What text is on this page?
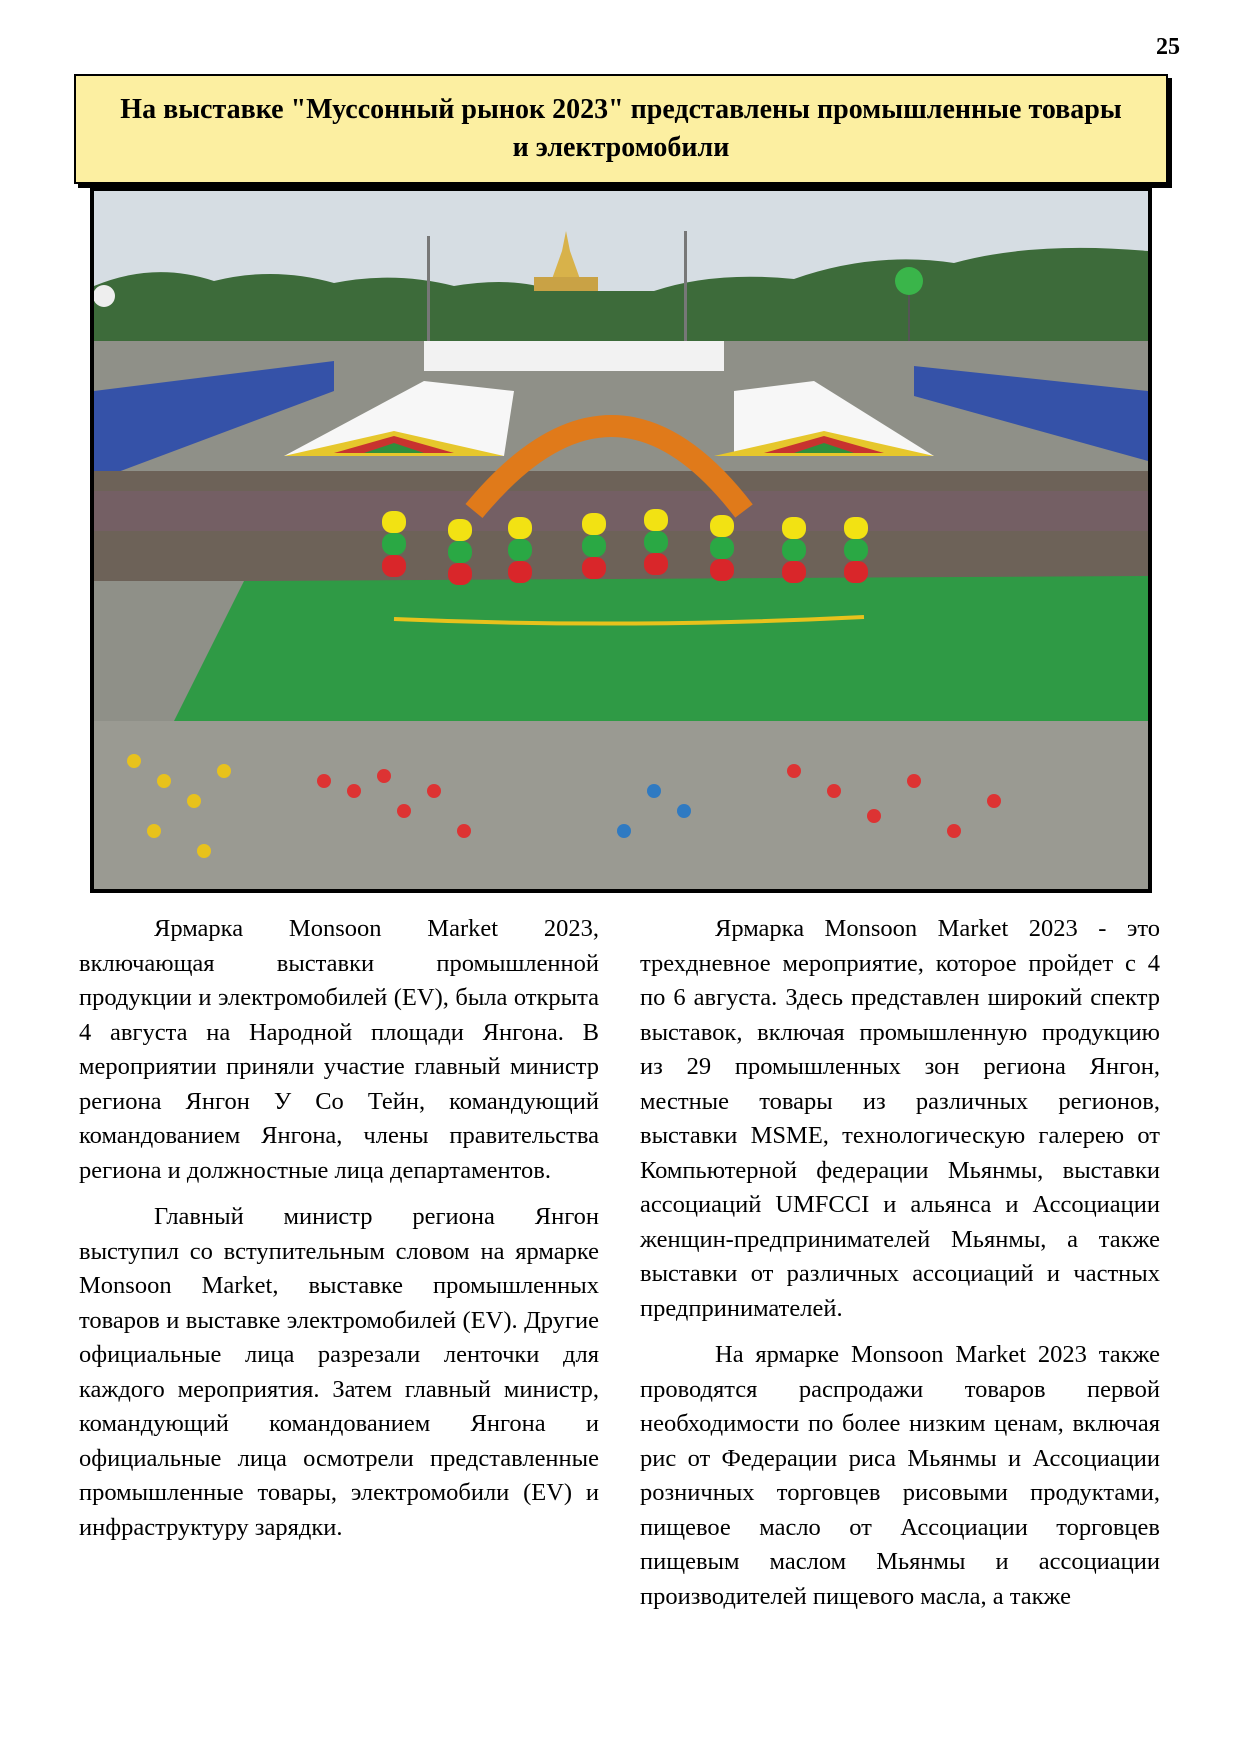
25
На выставке "Муссонный рынок 2023" представлены промышленные товары и электромобили

Ярмарка Monsoon Market 2023, включающая выставки промышленной продукции и электромобилей (EV), была открыта 4 августа на Народной площади Янгона. В мероприятии приняли участие главный министр региона Янгон У Со Тейн, командующий командованием Янгона, члены правительства региона и должностные лица департаментов.

Главный министр региона Янгон выступил со вступительным словом на ярмарке Monsoon Market, выставке промышленных товаров и выставке электромобилей (EV). Другие официальные лица разрезали ленточки для каждого мероприятия. Затем главный министр, командующий командованием Янгона и официальные лица осмотрели представленные промышленные товары, электромобили (EV) и инфраструктуру зарядки.

Ярмарка Monsoon Market 2023 - это трехдневное мероприятие, которое пройдет с 4 по 6 августа. Здесь представлен широкий спектр выставок, включая промышленную продукцию из 29 промышленных зон региона Янгон, местные товары из различных регионов, выставки MSME, технологическую галерею от Компьютерной федерации Мьянмы, выставки ассоциаций UMFCCI и альянса и Ассоциации женщин-предпринимателей Мьянмы, а также выставки от различных ассоциаций и частных предпринимателей.

На ярмарке Monsoon Market 2023 также проводятся распродажи товаров первой необходимости по более низким ценам, включая рис от Федерации риса Мьянмы и Ассоциации розничных торговцев рисовыми продуктами, пищевое масло от Ассоциации торговцев пищевым маслом Мьянмы и ассоциации производителей пищевого масла, а также
